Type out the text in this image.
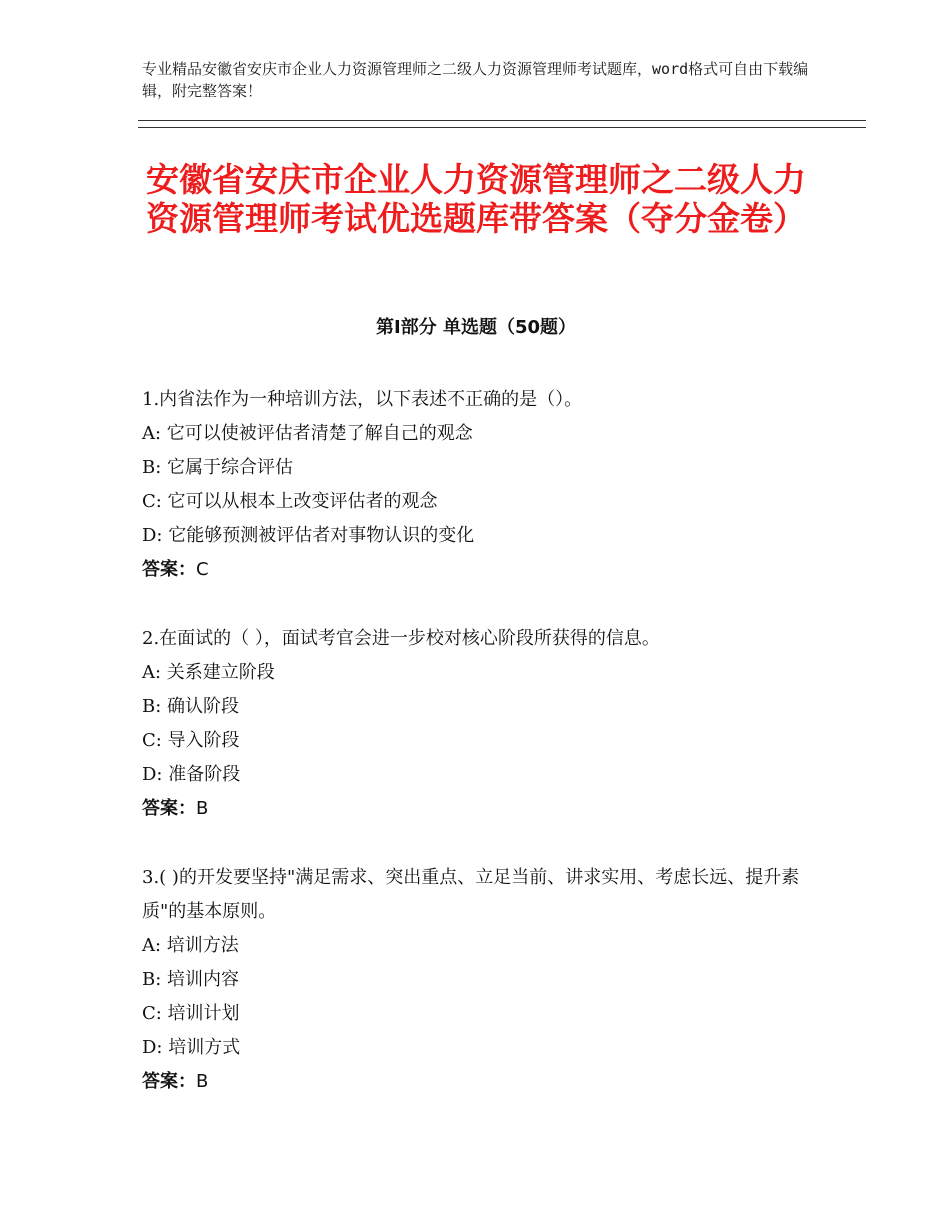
专业精品安徽省安庆市企业人力资源管理师之二级人力资源管理师考试题库，word格式可自由下载编辑，附完整答案！
安徽省安庆市企业人力资源管理师之二级人力资源管理师考试优选题库带答案（夺分金卷）
第Ⅰ部分 单选题（50题）

1.内省法作为一种培训方法，以下表述不正确的是（）。

A: 它可以使被评估者清楚了解自己的观念

B: 它属于综合评估

C: 它可以从根本上改变评估者的观念

D: 它能够预测被评估者对事物认识的变化

答案：C

2.在面试的（ ），面试考官会进一步校对核心阶段所获得的信息。

A: 关系建立阶段

B: 确认阶段

C: 导入阶段

D: 准备阶段

答案：B

3.( )的开发要坚持"满足需求、突出重点、立足当前、讲求实用、考虑长远、提升素质"的基本原则。

A: 培训方法

B: 培训内容

C: 培训计划

D: 培训方式

答案：B
